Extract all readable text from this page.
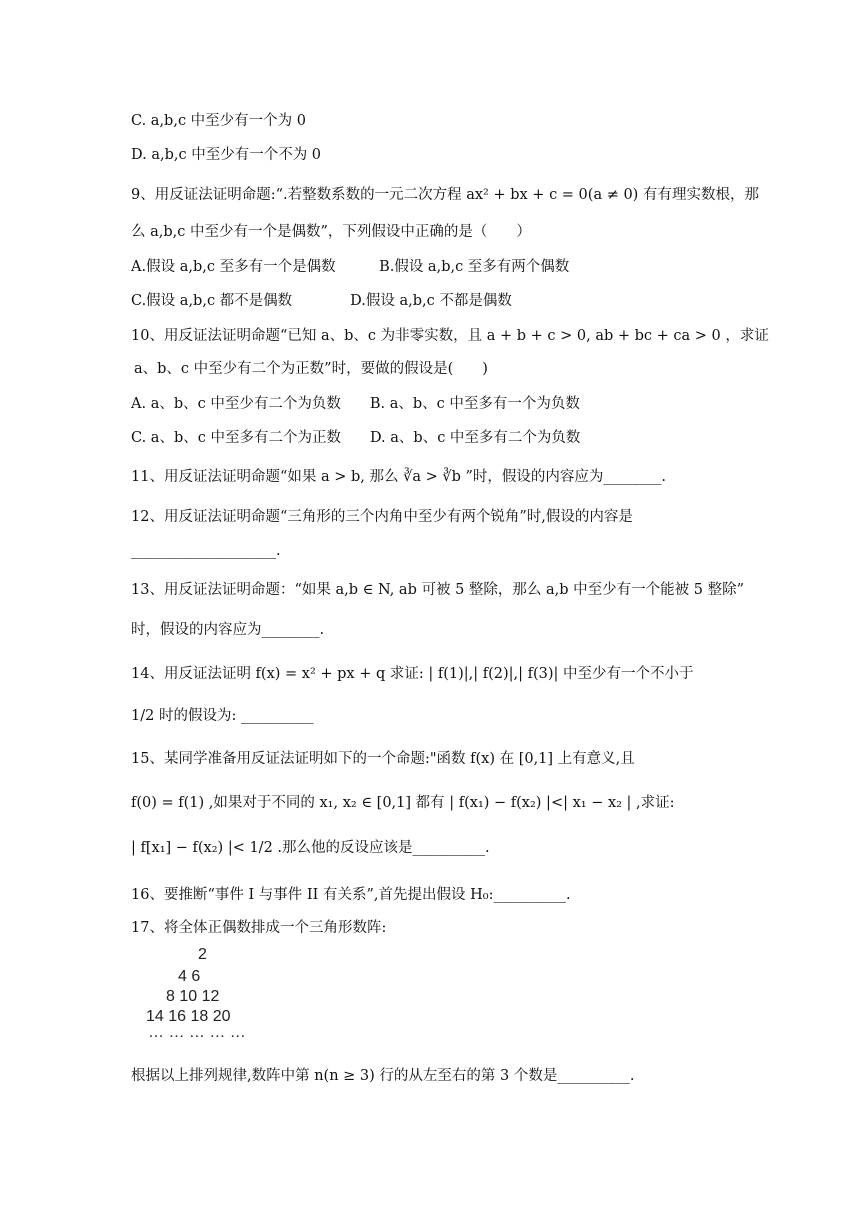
C. a,b,c 中至少有一个为 0
D. a,b,c 中至少有一个不为 0
9、用反证法证明命题:“.若整数系数的一元二次方程 ax² + bx + c = 0(a ≠ 0) 有有理实数根，那
么 a,b,c 中至少有一个是偶数”，下列假设中正确的是（　　）
A.假设 a,b,c 至多有一个是偶数　　　B.假设 a,b,c 至多有两个偶数
C.假设 a,b,c 都不是偶数　　　　D.假设 a,b,c 不都是偶数
10、用反证法证明命题“已知 a、b、c 为非零实数，且 a + b + c > 0, ab + bc + ca > 0 ，求证
a、b、c 中至少有二个为正数”时，要做的假设是(　　)
A. a、b、c 中至少有二个为负数　　B. a、b、c 中至多有一个为负数
C. a、b、c 中至多有二个为正数　　D. a、b、c 中至多有二个为负数
11、用反证法证明命题“如果 a > b, 那么 ∛a > ∛b ”时，假设的内容应为________.
12、用反证法证明命题“三角形的三个内角中至少有两个锐角”时,假设的内容是
____________________.
13、用反证法证明命题：“如果 a,b ∈ N, ab 可被 5 整除，那么 a,b 中至少有一个能被 5 整除”
时，假设的内容应为________.
14、用反证法证明 f(x) = x² + px + q 求证: | f(1)|,| f(2)|,| f(3)| 中至少有一个不小于
1/2 时的假设为: __________
15、某同学准备用反证法证明如下的一个命题:"函数 f(x) 在 [0,1] 上有意义,且
f(0) = f(1) ,如果对于不同的 x₁, x₂ ∈ [0,1] 都有 | f(x₁) − f(x₂) |<| x₁ − x₂ | ,求证:
| f[x₁] − f(x₂) |< 1/2 .那么他的反设应该是__________.
16、要推断“事件 I 与事件 II 有关系”,首先提出假设 H₀:__________.
17、将全体正偶数排成一个三角形数阵:
2
4 6
8 10 12
14 16 18 20
… … … … …
根据以上排列规律,数阵中第 n(n ≥ 3) 行的从左至右的第 3 个数是__________.
